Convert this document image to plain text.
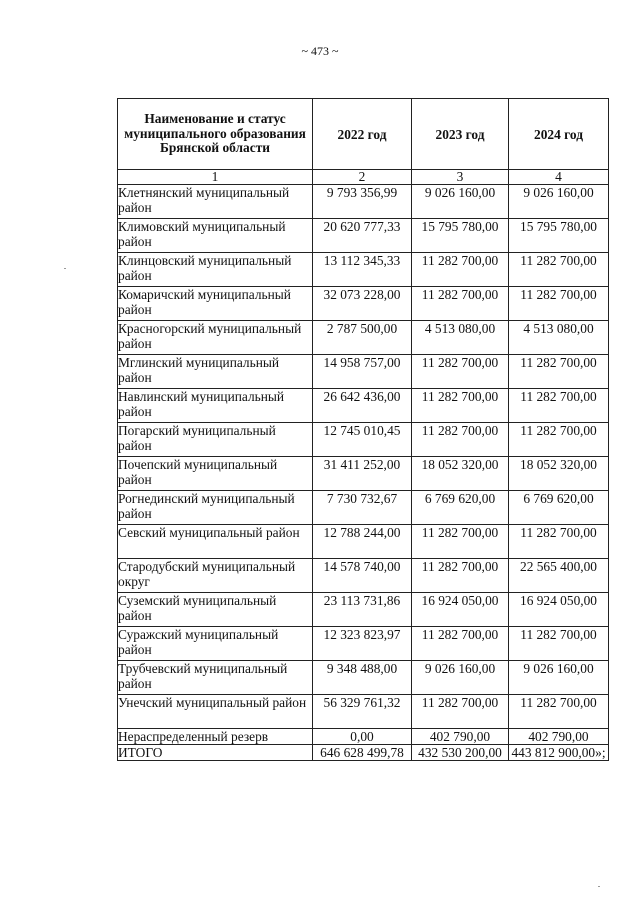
~ 473 ~
Наименование и статус муниципального образования Брянской области	2022 год	2023 год	2024 год
1	2	3	4
Клетнянский муниципальный район	9 793 356,99	9 026 160,00	9 026 160,00
Климовский муниципальный район	20 620 777,33	15 795 780,00	15 795 780,00
Клинцовский муниципальный район	13 112 345,33	11 282 700,00	11 282 700,00
Комаричский муниципальный район	32 073 228,00	11 282 700,00	11 282 700,00
Красногорский муниципальный район	2 787 500,00	4 513 080,00	4 513 080,00
Мглинский муниципальный район	14 958 757,00	11 282 700,00	11 282 700,00
Навлинский муниципальный район	26 642 436,00	11 282 700,00	11 282 700,00
Погарский муниципальный район	12 745 010,45	11 282 700,00	11 282 700,00
Почепский муниципальный район	31 411 252,00	18 052 320,00	18 052 320,00
Рогнединский муниципальный район	7 730 732,67	6 769 620,00	6 769 620,00
Севский муниципальный район	12 788 244,00	11 282 700,00	11 282 700,00
Стародубский муниципальный округ	14 578 740,00	11 282 700,00	22 565 400,00
Суземский муниципальный район	23 113 731,86	16 924 050,00	16 924 050,00
Суражский муниципальный район	12 323 823,97	11 282 700,00	11 282 700,00
Трубчевский муниципальный район	9 348 488,00	9 026 160,00	9 026 160,00
Унечский муниципальный район	56 329 761,32	11 282 700,00	11 282 700,00
Нераспределенный резерв	0,00	402 790,00	402 790,00
ИТОГО	646 628 499,78	432 530 200,00	443 812 900,00»;
